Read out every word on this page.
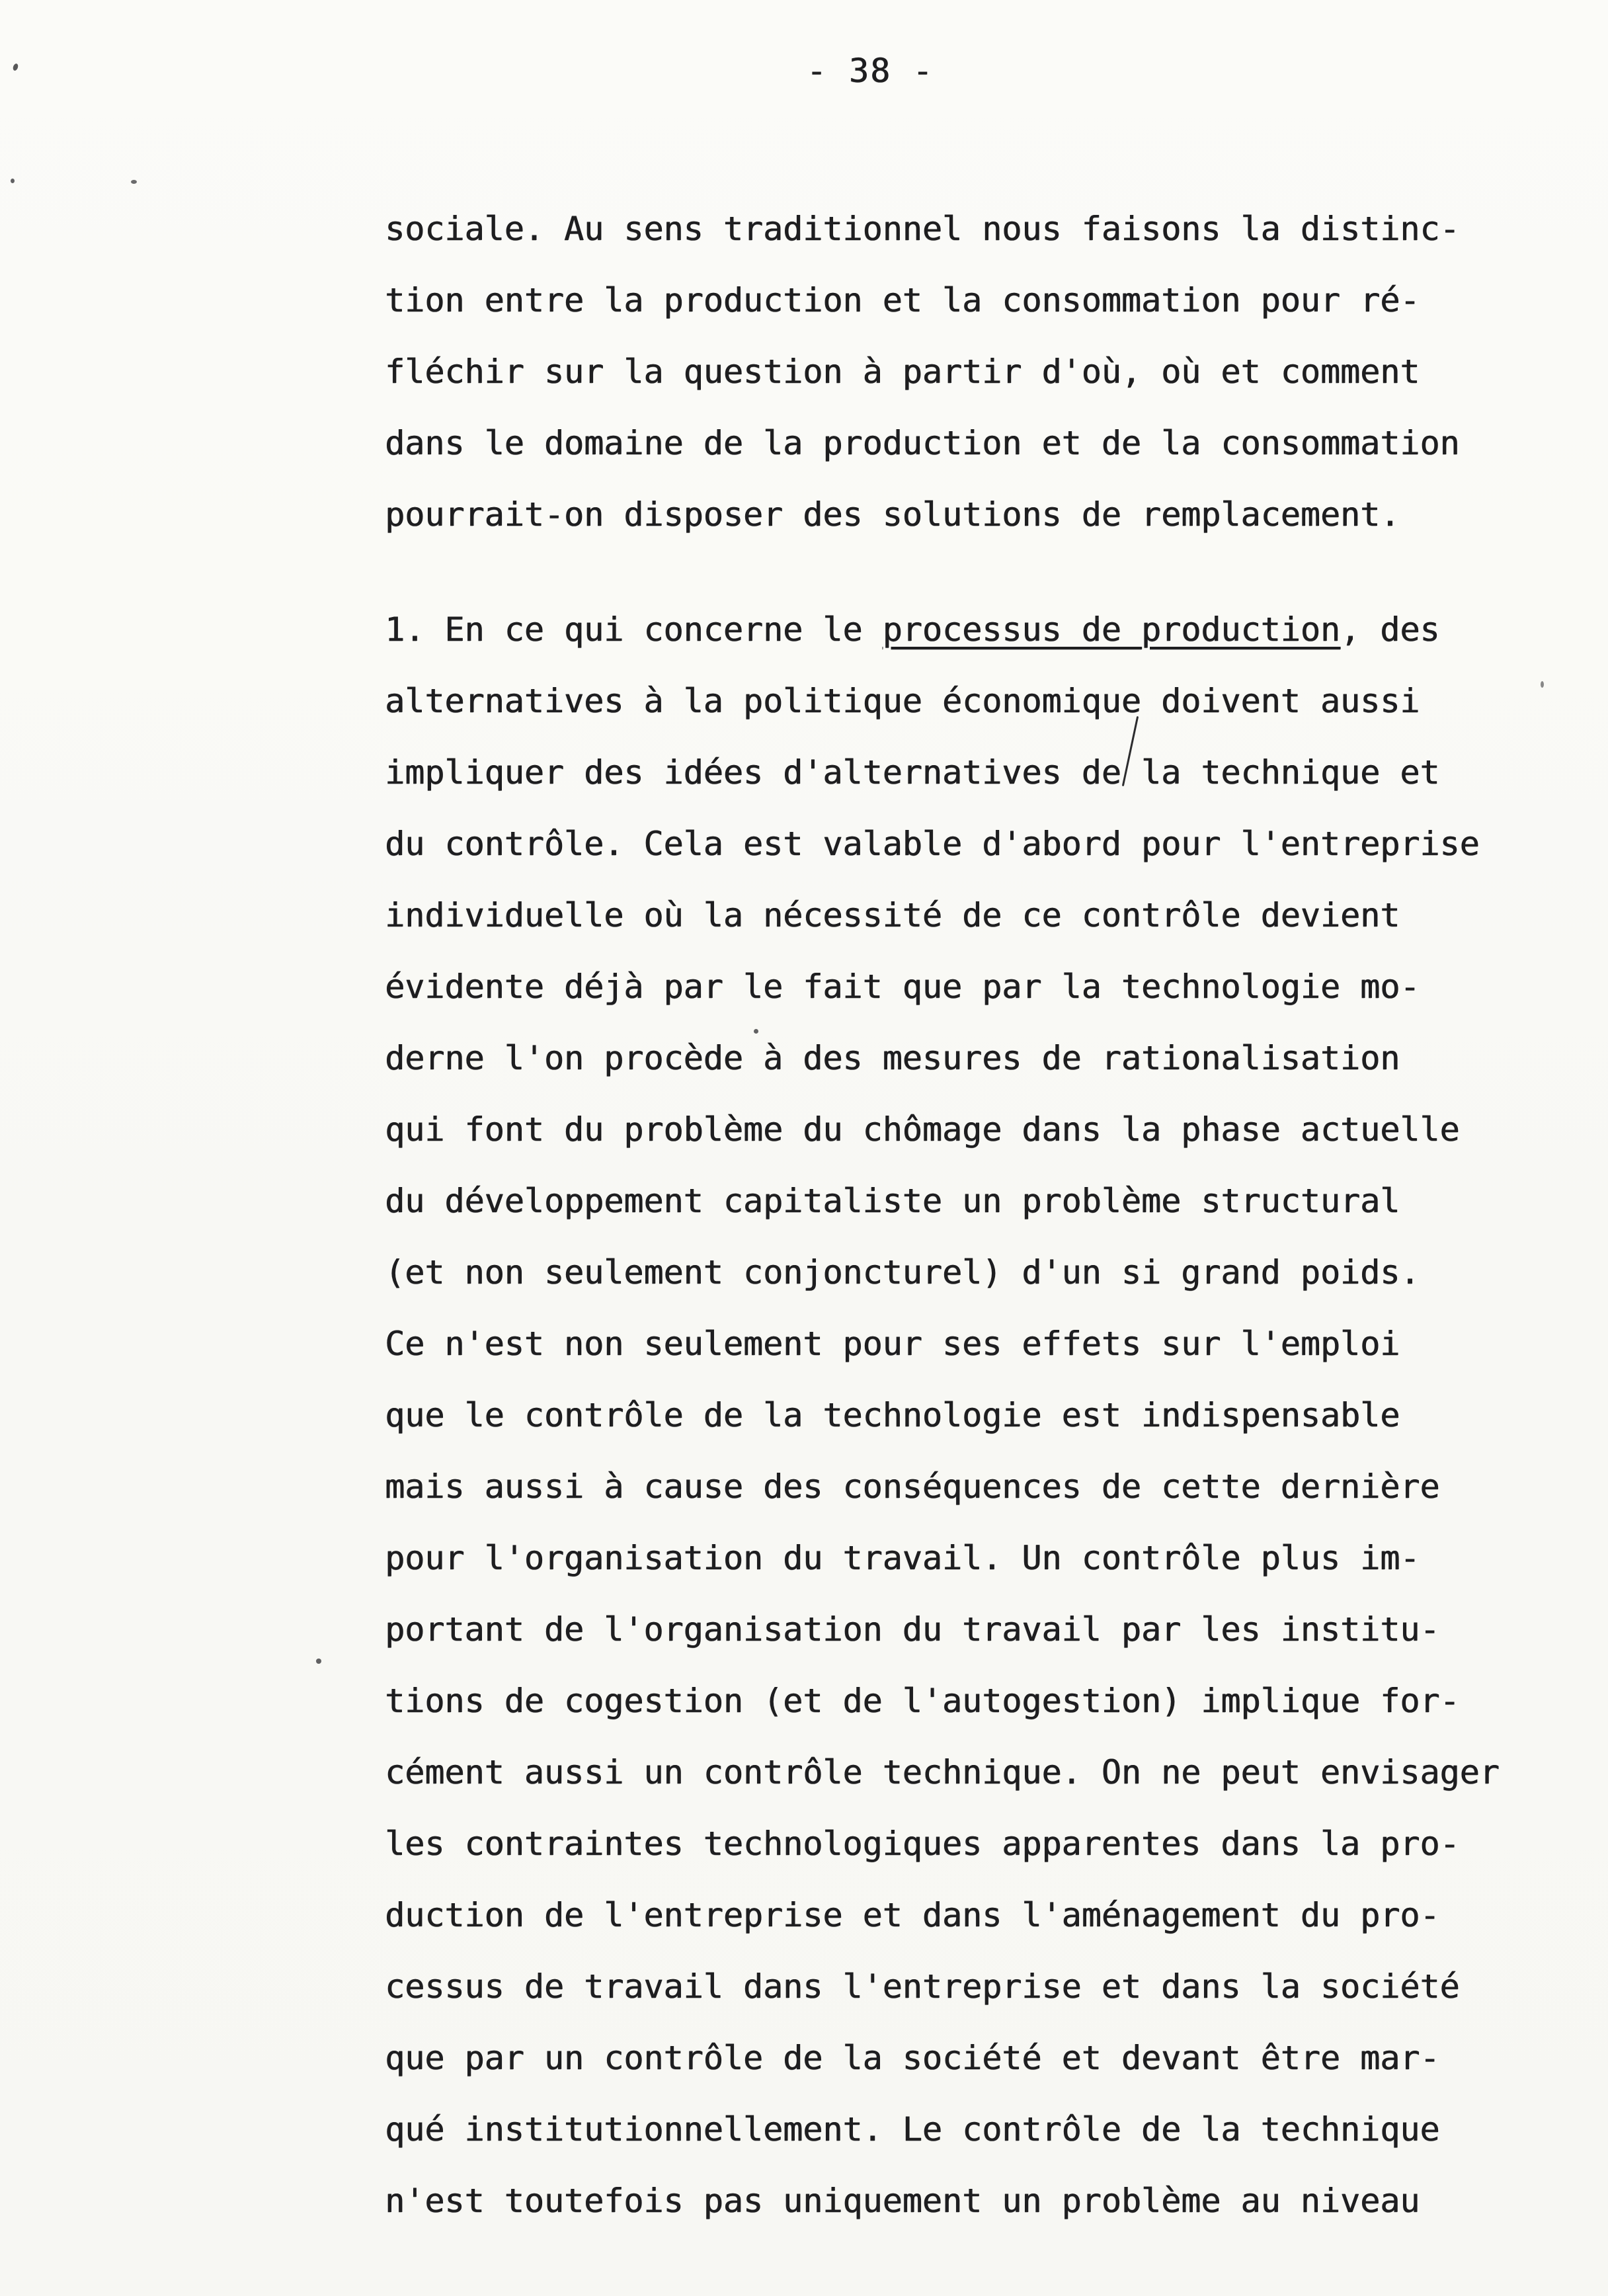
- 38 -
sociale. Au sens traditionnel nous faisons la distinc-
tion entre la production et la consommation pour ré-
fléchir sur la question à partir d'où, où et comment
dans le domaine de la production et de la consommation
pourrait-on disposer des solutions de remplacement.
1. En ce qui concerne le processus de production, des
alternatives à la politique économique doivent aussi
impliquer des idées d'alternatives de la technique et
du contrôle. Cela est valable d'abord pour l'entreprise
individuelle où la nécessité de ce contrôle devient
évidente déjà par le fait que par la technologie mo-
derne l'on procède à des mesures de rationalisation
qui font du problème du chômage dans la phase actuelle
du développement capitaliste un problème structural
(et non seulement conjoncturel) d'un si grand poids.
Ce n'est non seulement pour ses effets sur l'emploi
que le contrôle de la technologie est indispensable
mais aussi à cause des conséquences de cette dernière
pour l'organisation du travail. Un contrôle plus im-
portant de l'organisation du travail par les institu-
tions de cogestion (et de l'autogestion) implique for-
cément aussi un contrôle technique. On ne peut envisager
les contraintes technologiques apparentes dans la pro-
duction de l'entreprise et dans l'aménagement du pro-
cessus de travail dans l'entreprise et dans la société
que par un contrôle de la société et devant être mar-
qué institutionnellement. Le contrôle de la technique
n'est toutefois pas uniquement un problème au niveau
